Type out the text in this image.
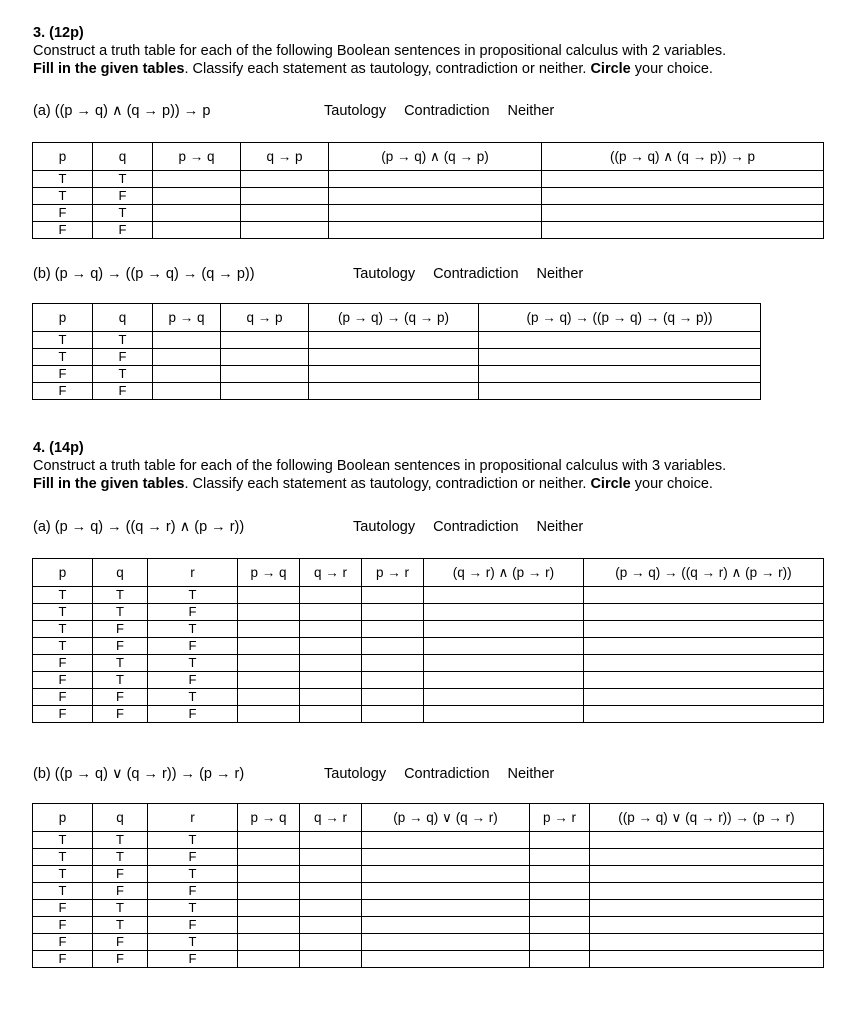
3. (12p)
Construct a truth table for each of the following Boolean sentences in propositional calculus with 2 variables.
Fill in the given tables. Classify each statement as tautology, contradiction or neither. Circle your choice.
(a) ((p → q) ∧ (q → p)) → p	Tautology Contradiction Neither
p	q	p → q	q → p	(p → q) ∧ (q → p)	((p → q) ∧ (q → p)) → p
T	T				
T	F				
F	T				
F	F				
(b) (p → q) → ((p → q) → (q → p))	Tautology Contradiction Neither
p	q	p → q	q → p	(p → q) → (q → p)	(p → q) → ((p → q) → (q → p))
T	T				
T	F				
F	T				
F	F				
4. (14p)
Construct a truth table for each of the following Boolean sentences in propositional calculus with 3 variables.
Fill in the given tables. Classify each statement as tautology, contradiction or neither. Circle your choice.
(a) (p → q) → ((q → r) ∧ (p → r))	Tautology Contradiction Neither
p	q	r	p → q	q → r	p → r	(q → r) ∧ (p → r)	(p → q) → ((q → r) ∧ (p → r))
T	T	T					
T	T	F					
T	F	T					
T	F	F					
F	T	T					
F	T	F					
F	F	T					
F	F	F					
(b) ((p → q) ∨ (q → r)) → (p → r)	Tautology Contradiction Neither
p	q	r	p → q	q → r	(p → q) ∨ (q → r)	p → r	((p → q) ∨ (q → r)) → (p → r)
T	T	T					
T	T	F					
T	F	T					
T	F	F					
F	T	T					
F	T	F					
F	F	T					
F	F	F					
